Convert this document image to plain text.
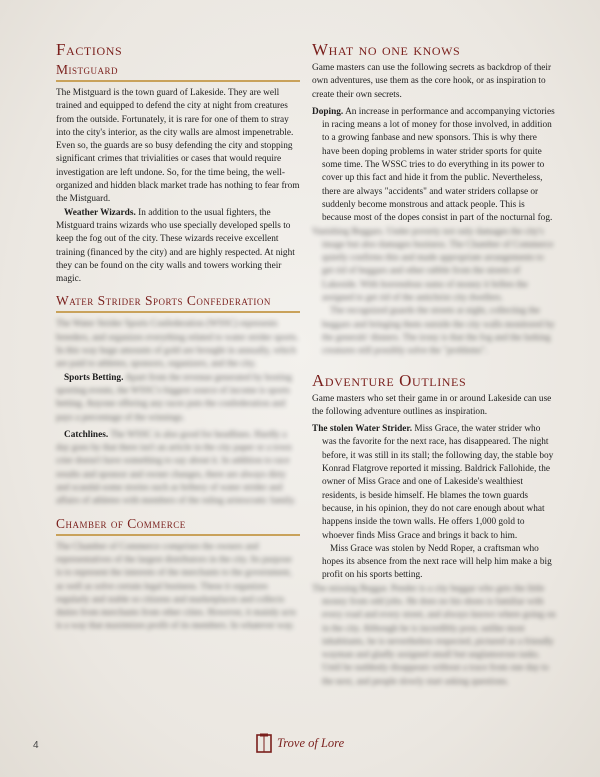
Factions
Mistguard

The Mistguard is the town guard of Lakeside. They are well trained and equipped to defend the city at night from creatures from the outside. Fortunately, it is rare for one of them to stray into the city's interior, as the city walls are almost impenetrable. Even so, the guards are so busy defending the city and stopping significant crimes that trivialities or cases that would require investigation are left undone. So, for the time being, the well-organized and hidden black market trade has nothing to fear from the Mistguard.

Weather Wizards. In addition to the usual fighters, the Mistguard trains wizards who use specially developed spells to keep the fog out of the city. These wizards receive excellent training (financed by the city) and are highly respected. At night they can be found on the city walls and towers working their magic.

Water Strider Sports Confederation

The Water Strider Sports Confederation (WSSC) represents breeders, and organizes everything related to water strider sports. In this way huge amounts of gold are brought in annually, which are paid to athletes, sponsors, organizers, and the city.

Sports Betting. Apart from the revenue generated by hosting sporting events, the WSSC's biggest source of income is sports betting. Anyone offering any races puts the confederation and pays a percentage of the winnings.

Catchlines. The WSSC is also good for headlines. Hardly a day goes by that there isn't an article in the city paper or a town crier doesn't have something to say about it. In addition to race results and sponsor and owner changes, there are always dirty and scandal-some stories such as bribery of water strider and affairs of athletes with members of the ruling aristocratic family.

Chamber of Commerce

The Chamber of Commerce comprises the owners and representatives of the largest distributors in the city. Its purpose is to represent the interests of the merchants to the government, as well as solve certain legal business. These it organizes regularly and stable so citizens and marketplaces and collects duties from merchants from other cities. However, it mainly acts is a way that maximizes profit of its members. In whatever way.

What no one knows

Game masters can use the following secrets as backdrop of their own adventures, use them as the core hook, or as inspiration to create their own secrets.

Doping. An increase in performance and accompanying victories in racing means a lot of money for those involved, in addition to a growing fanbase and new sponsors. This is why there have been doping problems in water strider sports for quite some time. The WSSC tries to do everything in its power to cover up this fact and hide it from the public. Nevertheless, there are always "accidents" and water striders collapse or suddenly become monstrous and attack people. This is because most of the dopes consist in part of the nocturnal fog.

Vanishing Beggars. Under poverty not only damages the city's image but also damages business. The Chamber of Commerce quietly confirms this and made appropriate arrangements to get rid of beggars and other rabble from the streets of Lakeside. With horrendous sums of money it bribes the assigned to get rid of the antichrist city dwellers.

The recognized guards the streets at night, collecting the beggars and bringing them outside the city walls monitored by the generals' dinners. The irony is that the fog and the lurking creatures still possibly solve the "problems".

Adventure Outlines

Game masters who set their game in or around Lakeside can use the following adventure outlines as inspiration.

The stolen Water Strider. Miss Grace, the water strider who was the favorite for the next race, has disappeared. The night before, it was still in its stall; the following day, the stable boy Konrad Flatgrove reported it missing. Baldrick Fallohide, the owner of Miss Grace and one of Lakeside's wealthiest residents, is beside himself. He blames the town guards because, in his opinion, they do not care enough about what happens inside the town walls. He offers 1,000 gold to whoever finds Miss Grace and brings it back to him.

Miss Grace was stolen by Nedd Roper, a craftsman who hopes its absence from the next race will help him make a big profit on his sports betting.

The missing Beggar. Pender is a city beggar who gets the little money from odd jobs. He does no his shoes is familiar with every road and every street, and always knows where going on in the city. Although he is incredibly poor, unlike most inhabitants, he is nevertheless respected, pictured as a friendly wayman and gladly assigned small but unglamorous tasks. Until he suddenly disappears without a trace from one day to the next, and people slowly start asking questions.

4	Trove of Lore
